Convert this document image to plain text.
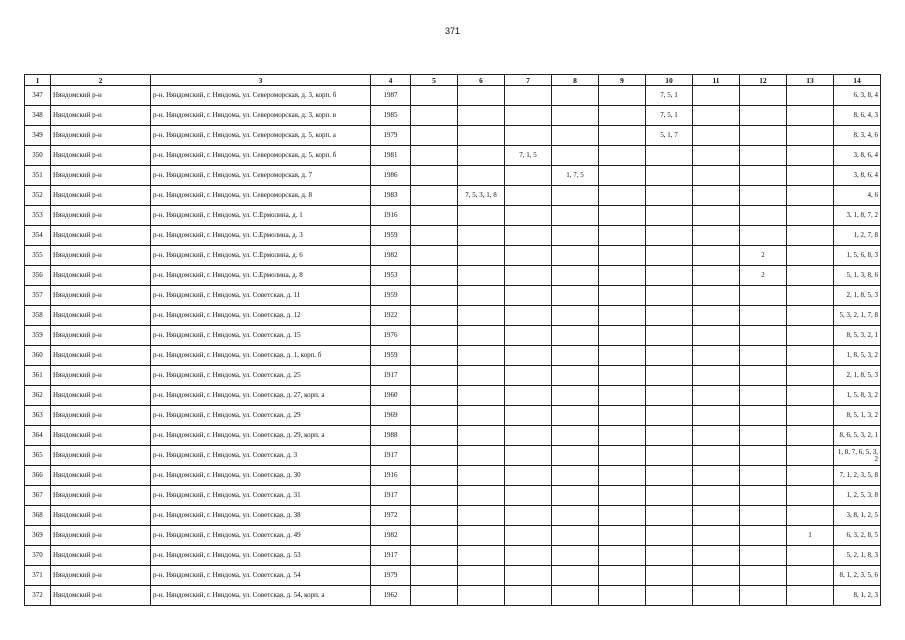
371
1	2	3	4	5	6	7	8	9	10	11	12	13	14
347	Няндомский р-н	р-н. Няндомский, г. Няндома, ул. Североморская, д. 3, корп. б	1987						7, 5, 1				6, 3, 8, 4
348	Няндомский р-н	р-н. Няндомский, г. Няндома, ул. Североморская, д. 3, корп. в	1985						7, 5, 1				8, 6, 4, 3
349	Няндомский р-н	р-н. Няндомский, г. Няндома, ул. Североморская, д. 5, корп. а	1979						5, 1, 7				8, 3, 4, 6
350	Няндомский р-н	р-н. Няндомский, г. Няндома, ул. Североморская, д. 5, корп. б	1981			7, 1, 5							3, 8, 6, 4
351	Няндомский р-н	р-н. Няндомский, г. Няндома, ул. Североморская, д. 7	1986				1, 7, 5						3, 8, 6, 4
352	Няндомский р-н	р-н. Няндомский, г. Няндома, ул. Североморская, д. 8	1983		7, 5, 3, 1, 8								4, 6
353	Няндомский р-н	р-н. Няндомский, г. Няндома, ул. С.Ермолина, д. 1	1916										3, 1, 8, 7, 2
354	Няндомский р-н	р-н. Няндомский, г. Няндома, ул. С.Ермолина, д. 3	1959										1, 2, 7, 8
355	Няндомский р-н	р-н. Няндомский, г. Няндома, ул. С.Ермолина, д. 6	1982								2		1, 5, 6, 8, 3
356	Няндомский р-н	р-н. Няндомский, г. Няндома, ул. С.Ермолина, д. 8	1953								2		5, 1, 3, 8, 6
357	Няндомский р-н	р-н. Няндомский, г. Няндома, ул. Советская, д. 11	1959										2, 1, 8, 5, 3
358	Няндомский р-н	р-н. Няндомский, г. Няндома, ул. Советская, д. 12	1922										5, 3, 2, 1, 7, 8
359	Няндомский р-н	р-н. Няндомский, г. Няндома, ул. Советская, д. 15	1976										8, 5, 3, 2, 1
360	Няндомский р-н	р-н. Няндомский, г. Няндома, ул. Советская, д. 1, корп. б	1959										1, 8, 5, 3, 2
361	Няндомский р-н	р-н. Няндомский, г. Няндома, ул. Советская, д. 25	1917										2, 1, 8, 5, 3
362	Няндомский р-н	р-н. Няндомский, г. Няндома, ул. Советская, д. 27, корп. а	1960										1, 5, 8, 3, 2
363	Няндомский р-н	р-н. Няндомский, г. Няндома, ул. Советская, д. 29	1969										8, 5, 1, 3, 2
364	Няндомский р-н	р-н. Няндомский, г. Няндома, ул. Советская, д. 29, корп. а	1988										8, 6, 5, 3, 2, 1
365	Няндомский р-н	р-н. Няндомский, г. Няндома, ул. Советская, д. 3	1917										1, 8, 7, 6, 5, 3, 2
366	Няндомский р-н	р-н. Няндомский, г. Няндома, ул. Советская, д. 30	1916										7, 1, 2, 3, 5, 8
367	Няндомский р-н	р-н. Няндомский, г. Няндома, ул. Советская, д. 31	1917										1, 2, 5, 3, 8
368	Няндомский р-н	р-н. Няндомский, г. Няндома, ул. Советская, д. 38	1972										3, 8, 1, 2, 5
369	Няндомский р-н	р-н. Няндомский, г. Няндома, ул. Советская, д. 49	1982									1	6, 3, 2, 8, 5
370	Няндомский р-н	р-н. Няндомский, г. Няндома, ул. Советская, д. 53	1917										5, 2, 1, 8, 3
371	Няндомский р-н	р-н. Няндомский, г. Няндома, ул. Советская, д. 54	1979										8, 1, 2, 3, 5, 6
372	Няндомский р-н	р-н. Няндомский, г. Няндома, ул. Советская, д. 54, корп. а	1962										8, 1, 2, 3
